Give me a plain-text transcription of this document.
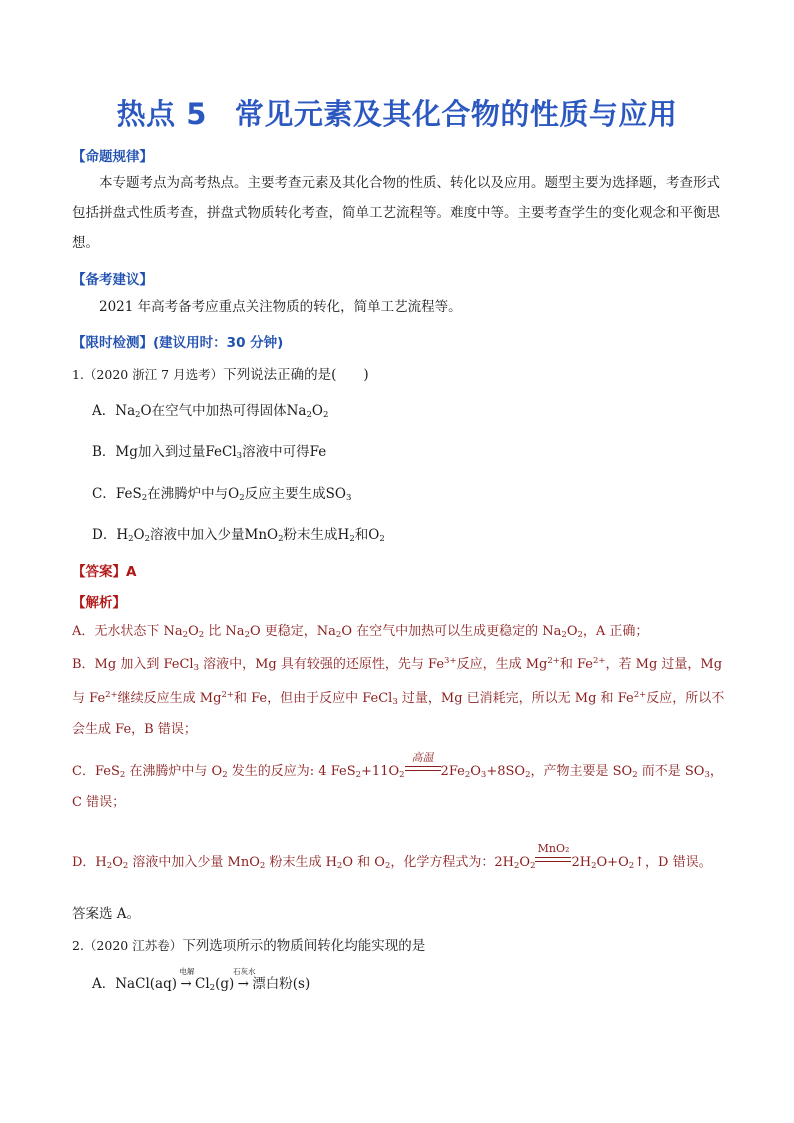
热点 5 常见元素及其化合物的性质与应用
【命题规律】
本专题考点为高考热点。主要考查元素及其化合物的性质、转化以及应用。题型主要为选择题，考查形式包括拼盘式性质考查，拼盘式物质转化考查，简单工艺流程等。难度中等。主要考查学生的变化观念和平衡思想。
【备考建议】
2021 年高考备考应重点关注物质的转化，简单工艺流程等。
【限时检测】(建议用时：30 分钟)
1.（2020 浙江 7 月选考）下列说法正确的是(　　)
A．$Na_2O$在空气中加热可得固体$Na_2O_2$
B．Mg加入到过量FeCl$_3$溶液中可得Fe
C．FeS$_2$在沸腾炉中与$O_2$反应主要生成$SO_3$
D．$H_2O_2$溶液中加入少量MnO$_2$粉末生成$H_2$和$O_2$
【答案】A
【解析】
A．无水状态下 $Na_2O_2$ 比 $Na_2O$ 更稳定，$Na_2O$ 在空气中加热可以生成更稳定的 $Na_2O_2$，A 正确；
B．Mg 加入到 FeCl$_3$ 溶液中，Mg 具有较强的还原性，先与 $Fe^{3+}$反应，生成 $Mg^{2+}$和 $Fe^{2+}$，若 Mg 过量，Mg 与 $Fe^{2+}$继续反应生成 $Mg^{2+}$和 Fe，但由于反应中 FeCl$_3$ 过量，Mg 已消耗完，所以无 Mg 和 $Fe^{2+}$反应，所以不会生成 Fe，B 错误；
C．FeS$_2$ 在沸腾炉中与 $O_2$ 发生的反应为: 4 $FeS_2+11O_2$
高温
$2Fe_2O_3+8SO_2$，产物主要是 $SO_2$ 而不是 $SO_3$，C 错误；
D．$H_2O_2$ 溶液中加入少量 MnO$_2$ 粉末生成 $H_2O$ 和 $O_2$，化学方程式为：$2H_2O_2$
MnO₂
$2H_2O+O_2↑$，D 错误。
答案选 A。
2.（2020 江苏卷）下列选项所示的物质间转化均能实现的是
A．NaCl(aq)
电解
→ $Cl_2(g)$
石灰水
→ 漂白粉(s)
